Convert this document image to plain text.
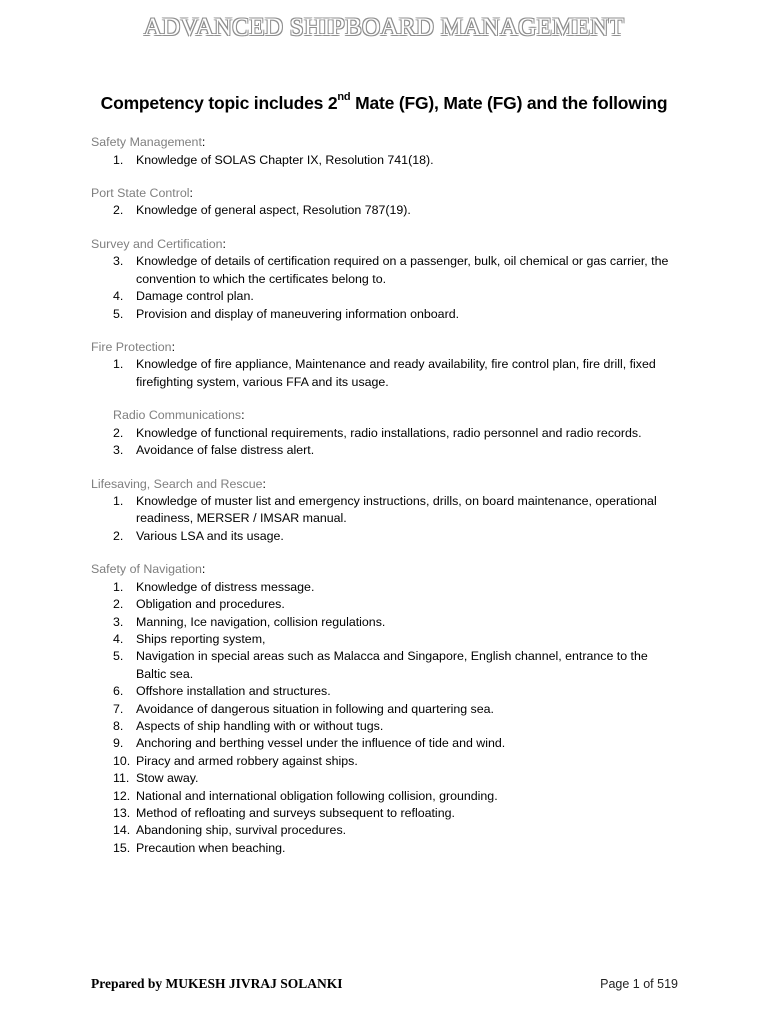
ADVANCED SHIPBOARD MANAGEMENT
Competency topic includes 2nd Mate (FG), Mate (FG) and the following
Safety Management:
1.	Knowledge of SOLAS Chapter IX, Resolution 741(18).
Port State Control:
2.	Knowledge of general aspect, Resolution 787(19).
Survey and Certification:
3.	Knowledge of details of certification required on a passenger, bulk, oil chemical or gas carrier, the convention to which the certificates belong to.
4.	Damage control plan.
5.	Provision and display of maneuvering information onboard.
Fire Protection:
1.	Knowledge of fire appliance, Maintenance and ready availability, fire control plan, fire drill, fixed firefighting system, various FFA and its usage.
Radio Communications:
2.	Knowledge of functional requirements, radio installations, radio personnel and radio records.
3.	Avoidance of false distress alert.
Lifesaving, Search and Rescue:
1.	Knowledge of muster list and emergency instructions, drills, on board maintenance, operational readiness, MERSER / IMSAR manual.
2.	Various LSA and its usage.
Safety of Navigation:
1.	Knowledge of distress message.
2.	Obligation and procedures.
3.	Manning, Ice navigation, collision regulations.
4.	Ships reporting system,
5.	Navigation in special areas such as Malacca and Singapore, English channel, entrance to the Baltic sea.
6.	Offshore installation and structures.
7.	Avoidance of dangerous situation in following and quartering sea.
8.	Aspects of ship handling with or without tugs.
9.	Anchoring and berthing vessel under the influence of tide and wind.
10. Piracy and armed robbery against ships.
11. Stow away.
12. National and international obligation following collision, grounding.
13. Method of refloating and surveys subsequent to refloating.
14. Abandoning ship, survival procedures.
15. Precaution when beaching.
Prepared by MUKESH JIVRAJ SOLANKI	Page 1 of 519
